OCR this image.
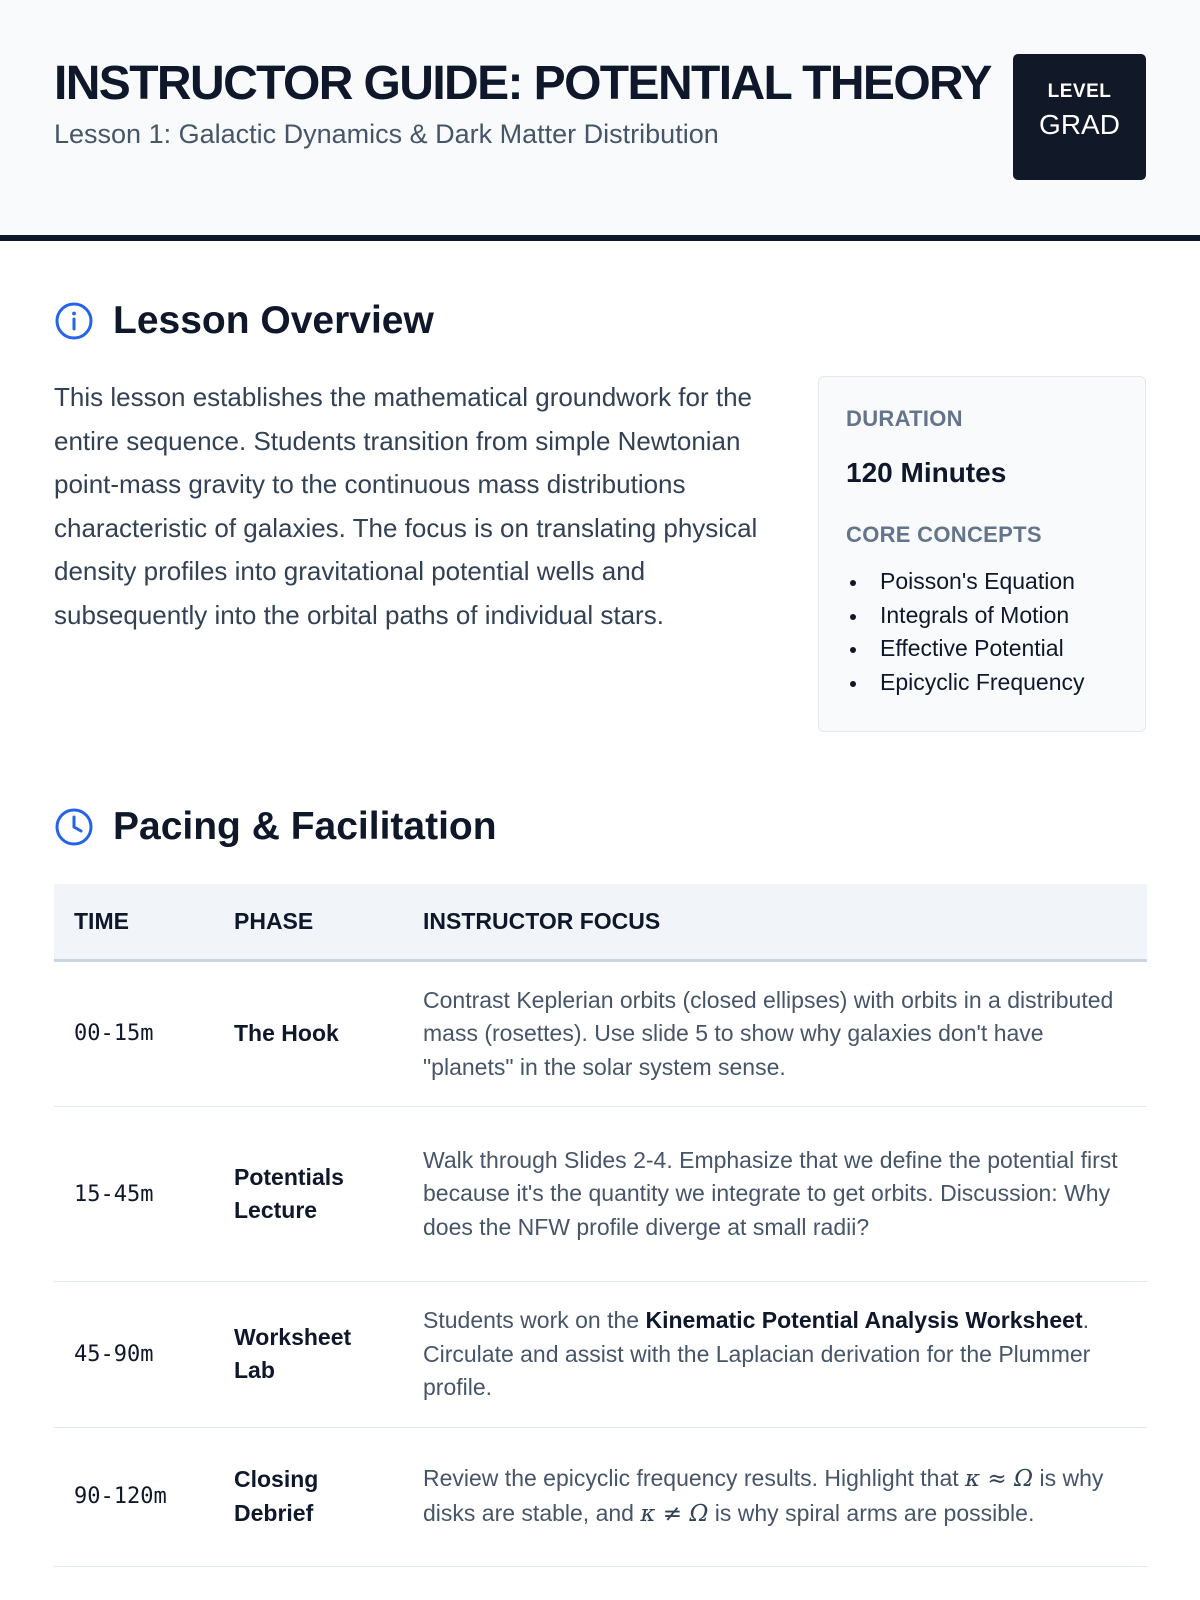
INSTRUCTOR GUIDE: POTENTIAL THEORY
Lesson 1: Galactic Dynamics & Dark Matter Distribution
LEVEL
GRAD
Lesson Overview

This lesson establishes the mathematical groundwork for the entire sequence. Students transition from simple Newtonian point-mass gravity to the continuous mass distributions characteristic of galaxies. The focus is on translating physical density profiles into gravitational potential wells and subsequently into the orbital paths of individual stars.

DURATION
120 Minutes
CORE CONCEPTS
Poisson's Equation
Integrals of Motion
Effective Potential
Epicyclic Frequency
Pacing & Facilitation
TIME	PHASE	INSTRUCTOR FOCUS
00-15m	The Hook	Contrast Keplerian orbits (closed ellipses) with orbits in a distributed mass (rosettes). Use slide 5 to show why galaxies don't have "planets" in the solar system sense.
15-45m	Potentials Lecture	Walk through Slides 2-4. Emphasize that we define the potential first because it's the quantity we integrate to get orbits. Discussion: Why does the NFW profile diverge at small radii?
45-90m	Worksheet Lab	Students work on the Kinematic Potential Analysis Worksheet. Circulate and assist with the Laplacian derivation for the Plummer profile.
90-120m	Closing Debrief	Review the epicyclic frequency results. Highlight that κ ≈ Ω is why disks are stable, and κ ≠ Ω is why spiral arms are possible.
